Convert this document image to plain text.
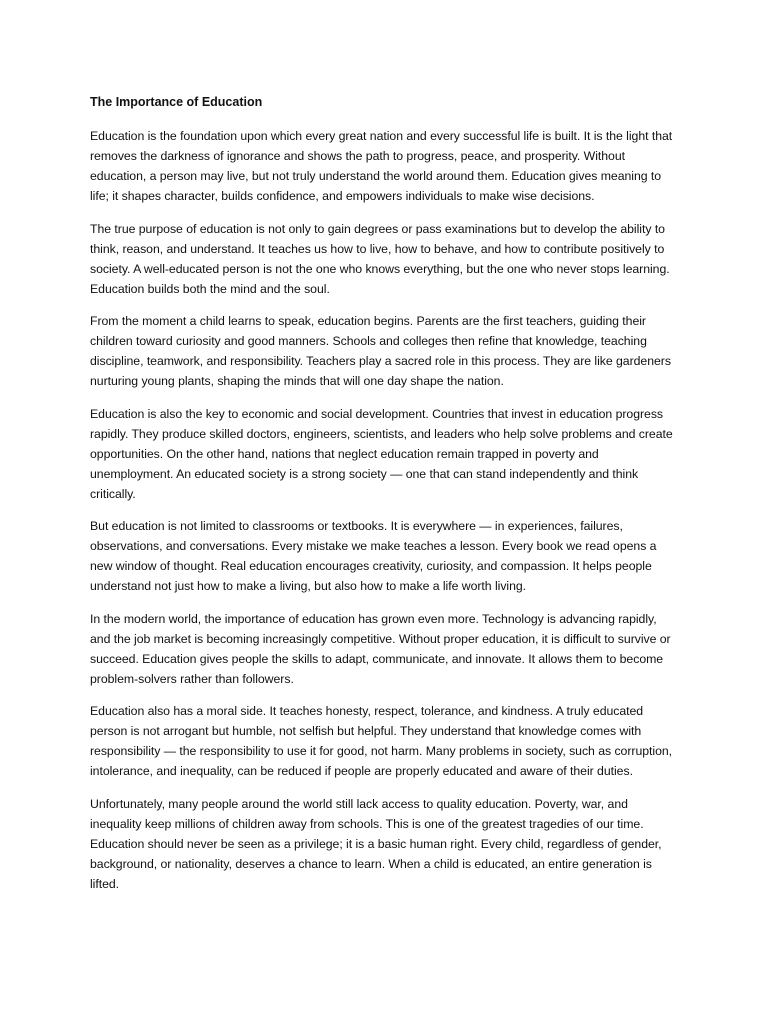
The Importance of Education

Education is the foundation upon which every great nation and every successful life is built. It is the light that removes the darkness of ignorance and shows the path to progress, peace, and prosperity. Without education, a person may live, but not truly understand the world around them. Education gives meaning to life; it shapes character, builds confidence, and empowers individuals to make wise decisions.

The true purpose of education is not only to gain degrees or pass examinations but to develop the ability to think, reason, and understand. It teaches us how to live, how to behave, and how to contribute positively to society. A well-educated person is not the one who knows everything, but the one who never stops learning. Education builds both the mind and the soul.

From the moment a child learns to speak, education begins. Parents are the first teachers, guiding their children toward curiosity and good manners. Schools and colleges then refine that knowledge, teaching discipline, teamwork, and responsibility. Teachers play a sacred role in this process. They are like gardeners nurturing young plants, shaping the minds that will one day shape the nation.

Education is also the key to economic and social development. Countries that invest in education progress rapidly. They produce skilled doctors, engineers, scientists, and leaders who help solve problems and create opportunities. On the other hand, nations that neglect education remain trapped in poverty and unemployment. An educated society is a strong society — one that can stand independently and think critically.

But education is not limited to classrooms or textbooks. It is everywhere — in experiences, failures, observations, and conversations. Every mistake we make teaches a lesson. Every book we read opens a new window of thought. Real education encourages creativity, curiosity, and compassion. It helps people understand not just how to make a living, but also how to make a life worth living.

In the modern world, the importance of education has grown even more. Technology is advancing rapidly, and the job market is becoming increasingly competitive. Without proper education, it is difficult to survive or succeed. Education gives people the skills to adapt, communicate, and innovate. It allows them to become problem-solvers rather than followers.

Education also has a moral side. It teaches honesty, respect, tolerance, and kindness. A truly educated person is not arrogant but humble, not selfish but helpful. They understand that knowledge comes with responsibility — the responsibility to use it for good, not harm. Many problems in society, such as corruption, intolerance, and inequality, can be reduced if people are properly educated and aware of their duties.

Unfortunately, many people around the world still lack access to quality education. Poverty, war, and inequality keep millions of children away from schools. This is one of the greatest tragedies of our time. Education should never be seen as a privilege; it is a basic human right. Every child, regardless of gender, background, or nationality, deserves a chance to learn. When a child is educated, an entire generation is lifted.
